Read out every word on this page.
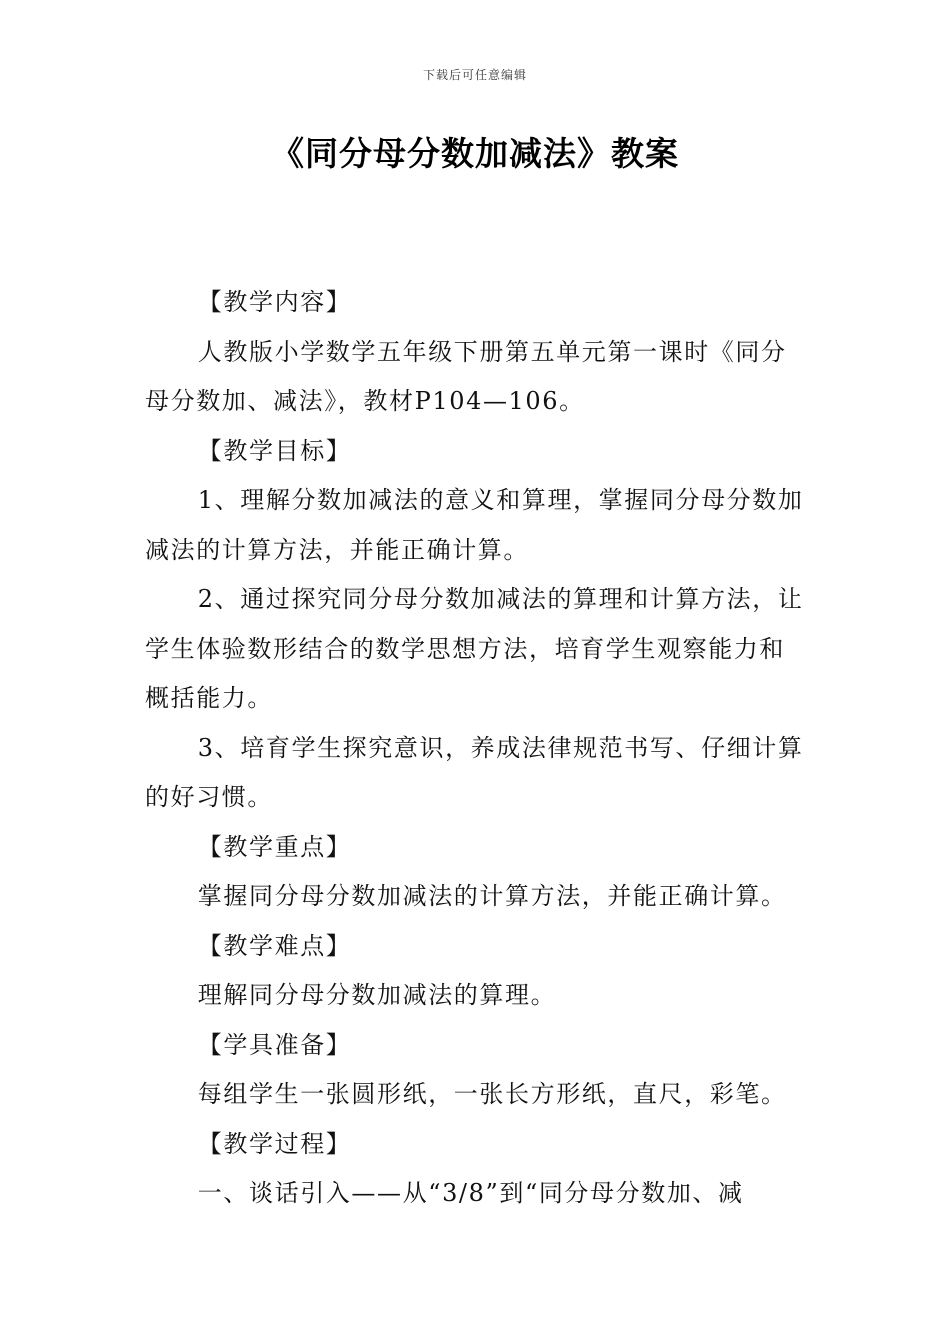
下载后可任意编辑
《同分母分数加减法》教案

【教学内容】

人教版小学数学五年级下册第五单元第一课时《同分母分数加、减法》，教材P104—106。

【教学目标】

1、理解分数加减法的意义和算理，掌握同分母分数加减法的计算方法，并能正确计算。

2、通过探究同分母分数加减法的算理和计算方法，让学生体验数形结合的数学思想方法，培育学生观察能力和概括能力。

3、培育学生探究意识，养成法律规范书写、仔细计算的好习惯。

【教学重点】

掌握同分母分数加减法的计算方法，并能正确计算。

【教学难点】

理解同分母分数加减法的算理。

【学具准备】

每组学生一张圆形纸，一张长方形纸，直尺，彩笔。

【教学过程】

一、谈话引入——从“3/8”到“同分母分数加、减
